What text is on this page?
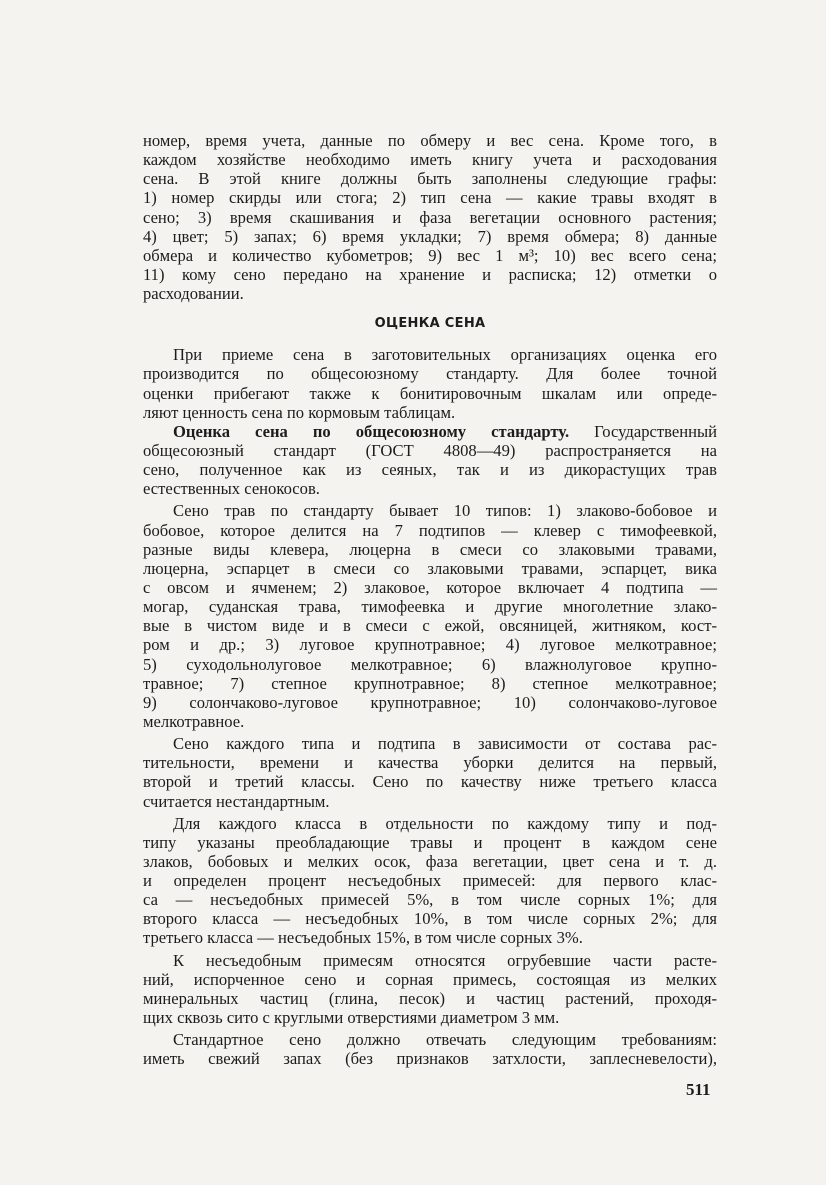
номер, время учета, данные по обмеру и вес сена. Кроме того, в
каждом хозяйстве необходимо иметь книгу учета и расходования
сена. В этой книге должны быть заполнены следующие графы:
1) номер скирды или стога; 2) тип сена — какие травы входят в
сено; 3) время скашивания и фаза вегетации основного растения;
4) цвет; 5) запах; 6) время укладки; 7) время обмера; 8) данные
обмера и количество кубометров; 9) вес 1 м³; 10) вес всего сена;
11) кому сено передано на хранение и расписка; 12) отметки о
расходовании.
ОЦЕНКА СЕНА
При приеме сена в заготовительных организациях оценка его
производится по общесоюзному стандарту. Для более точной
оценки прибегают также к бонитировочным шкалам или опреде-
ляют ценность сена по кормовым таблицам.
Оценка сена по общесоюзному стандарту. Государственный
общесоюзный стандарт (ГОСТ 4808—49) распространяется на
сено, полученное как из сеяных, так и из дикорастущих трав
естественных сенокосов.
Сено трав по стандарту бывает 10 типов: 1) злаково-бобовое и
бобовое, которое делится на 7 подтипов — клевер с тимофеевкой,
разные виды клевера, люцерна в смеси со злаковыми травами,
люцерна, эспарцет в смеси со злаковыми травами, эспарцет, вика
с овсом и ячменем; 2) злаковое, которое включает 4 подтипа —
могар, суданская трава, тимофеевка и другие многолетние злако-
вые в чистом виде и в смеси с ежой, овсяницей, житняком, кост-
ром и др.; 3) луговое крупнотравное; 4) луговое мелкотравное;
5) суходольнолуговое мелкотравное; 6) влажнолуговое крупно-
травное; 7) степное крупнотравное; 8) степное мелкотравное;
9) солончаково-луговое крупнотравное; 10) солончаково-луговое
мелкотравное.
Сено каждого типа и подтипа в зависимости от состава рас-
тительности, времени и качества уборки делится на первый,
второй и третий классы. Сено по качеству ниже третьего класса
считается нестандартным.
Для каждого класса в отдельности по каждому типу и под-
типу указаны преобладающие травы и процент в каждом сене
злаков, бобовых и мелких осок, фаза вегетации, цвет сена и т. д.
и определен процент несъедобных примесей: для первого клас-
са — несъедобных примесей 5%, в том числе сорных 1%; для
второго класса — несъедобных 10%, в том числе сорных 2%; для
третьего класса — несъедобных 15%, в том числе сорных 3%.
К несъедобным примесям относятся огрубевшие части расте-
ний, испорченное сено и сорная примесь, состоящая из мелких
минеральных частиц (глина, песок) и частиц растений, проходя-
щих сквозь сито с круглыми отверстиями диаметром 3 мм.
Стандартное сено должно отвечать следующим требованиям:
иметь свежий запах (без признаков затхлости, заплесневелости),
511
